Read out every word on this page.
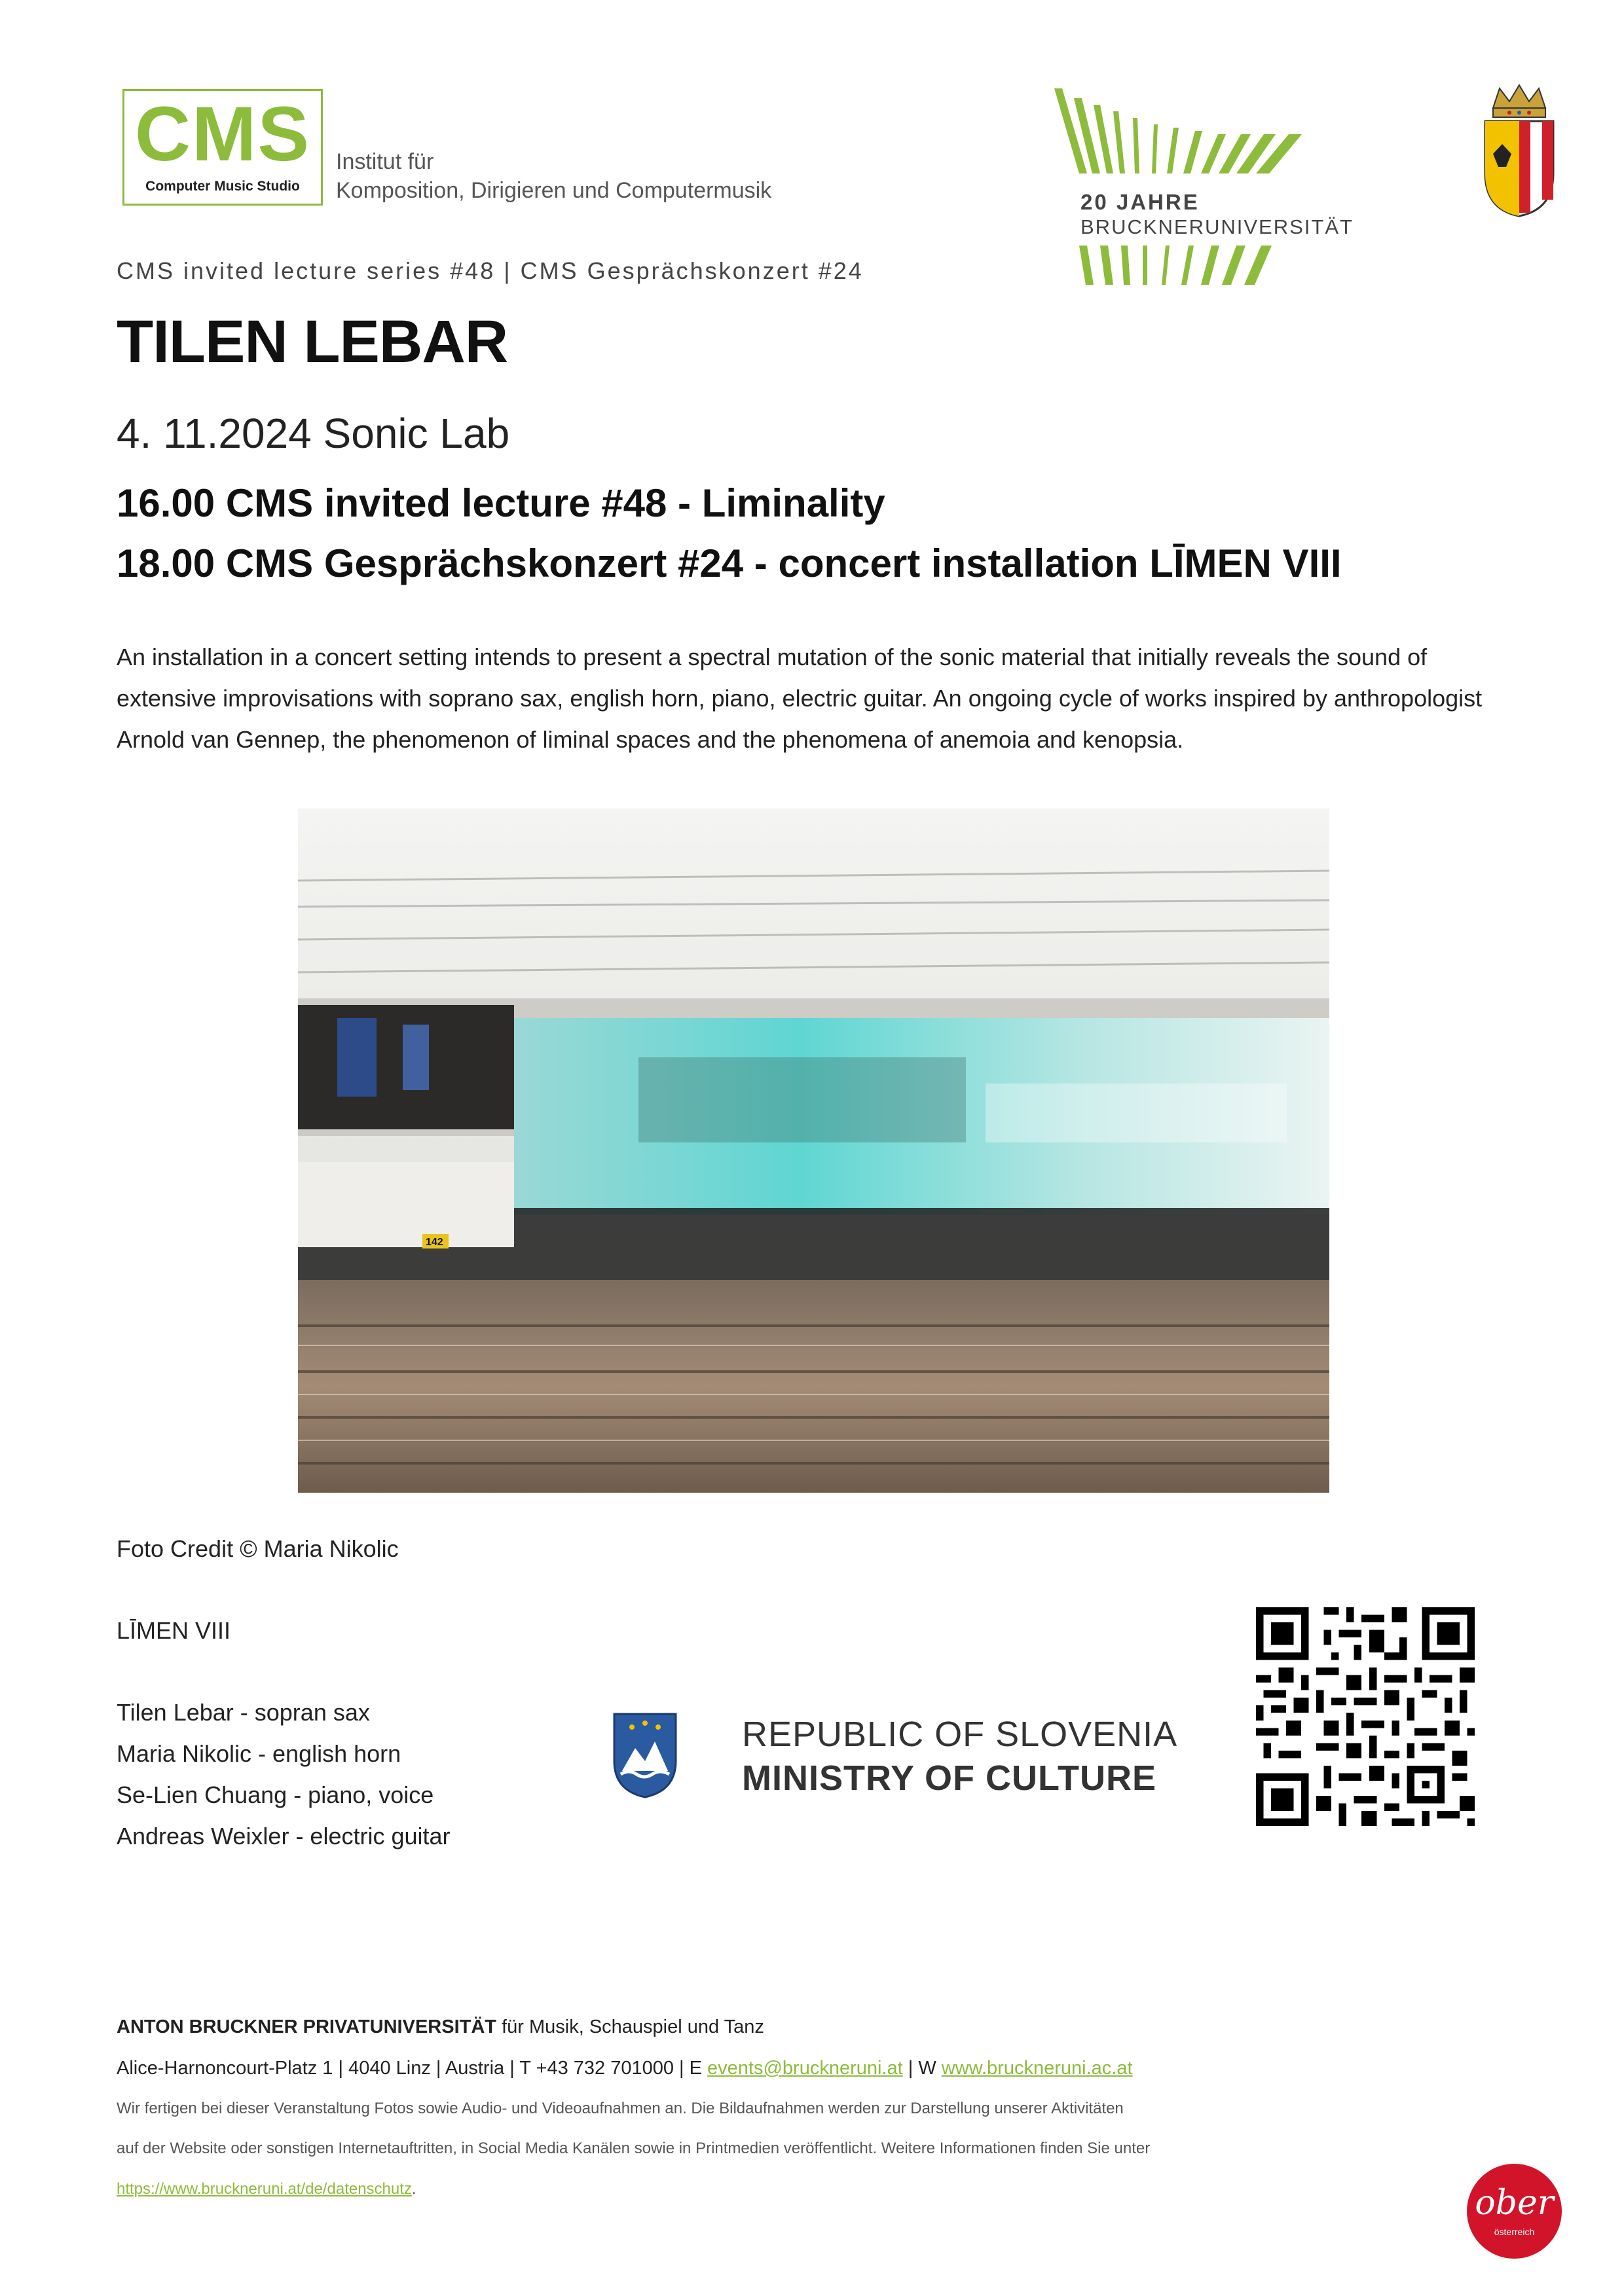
CMS
Computer Music Studio
Institut für
Komposition, Dirigieren und Computermusik	20 JAHRE
BRUCKNERUNIVERSITÄT
CMS invited lecture series #48 | CMS Gesprächskonzert #24
TILEN LEBAR
4. 11.2024 Sonic Lab
16.00 CMS invited lecture #48 - Liminality
18.00 CMS Gesprächskonzert #24 - concert installation LĪMEN VIII

An installation in a concert setting intends to present a spectral mutation of the sonic material that initially reveals the sound of extensive improvisations with soprano sax, english horn, piano, electric guitar. An ongoing cycle of works inspired by anthropologist Arnold van Gennep, the phenomenon of liminal spaces and the phenomena of anemoia and kenopsia.

142
Foto Credit © Maria Nikolic
LĪMEN VIII
Tilen Lebar - sopran sax
Maria Nikolic - english horn
Se-Lien Chuang - piano, voice
Andreas Weixler - electric guitar
REPUBLIC OF SLOVENIA
MINISTRY OF CULTURE
ANTON BRUCKNER PRIVATUNIVERSITÄT für Musik, Schauspiel und Tanz
Alice-Harnoncourt-Platz 1 | 4040 Linz | Austria | T +43 732 701000 | E events@bruckneruni.at | W www.bruckneruni.ac.at
Wir fertigen bei dieser Veranstaltung Fotos sowie Audio- und Videoaufnahmen an. Die Bildaufnahmen werden zur Darstellung unserer Aktivitäten
auf der Website oder sonstigen Internetauftritten, in Social Media Kanälen sowie in Printmedien veröffentlicht. Weitere Informationen finden Sie unter
https://www.bruckneruni.at/de/datenschutz.	ober
österreich
